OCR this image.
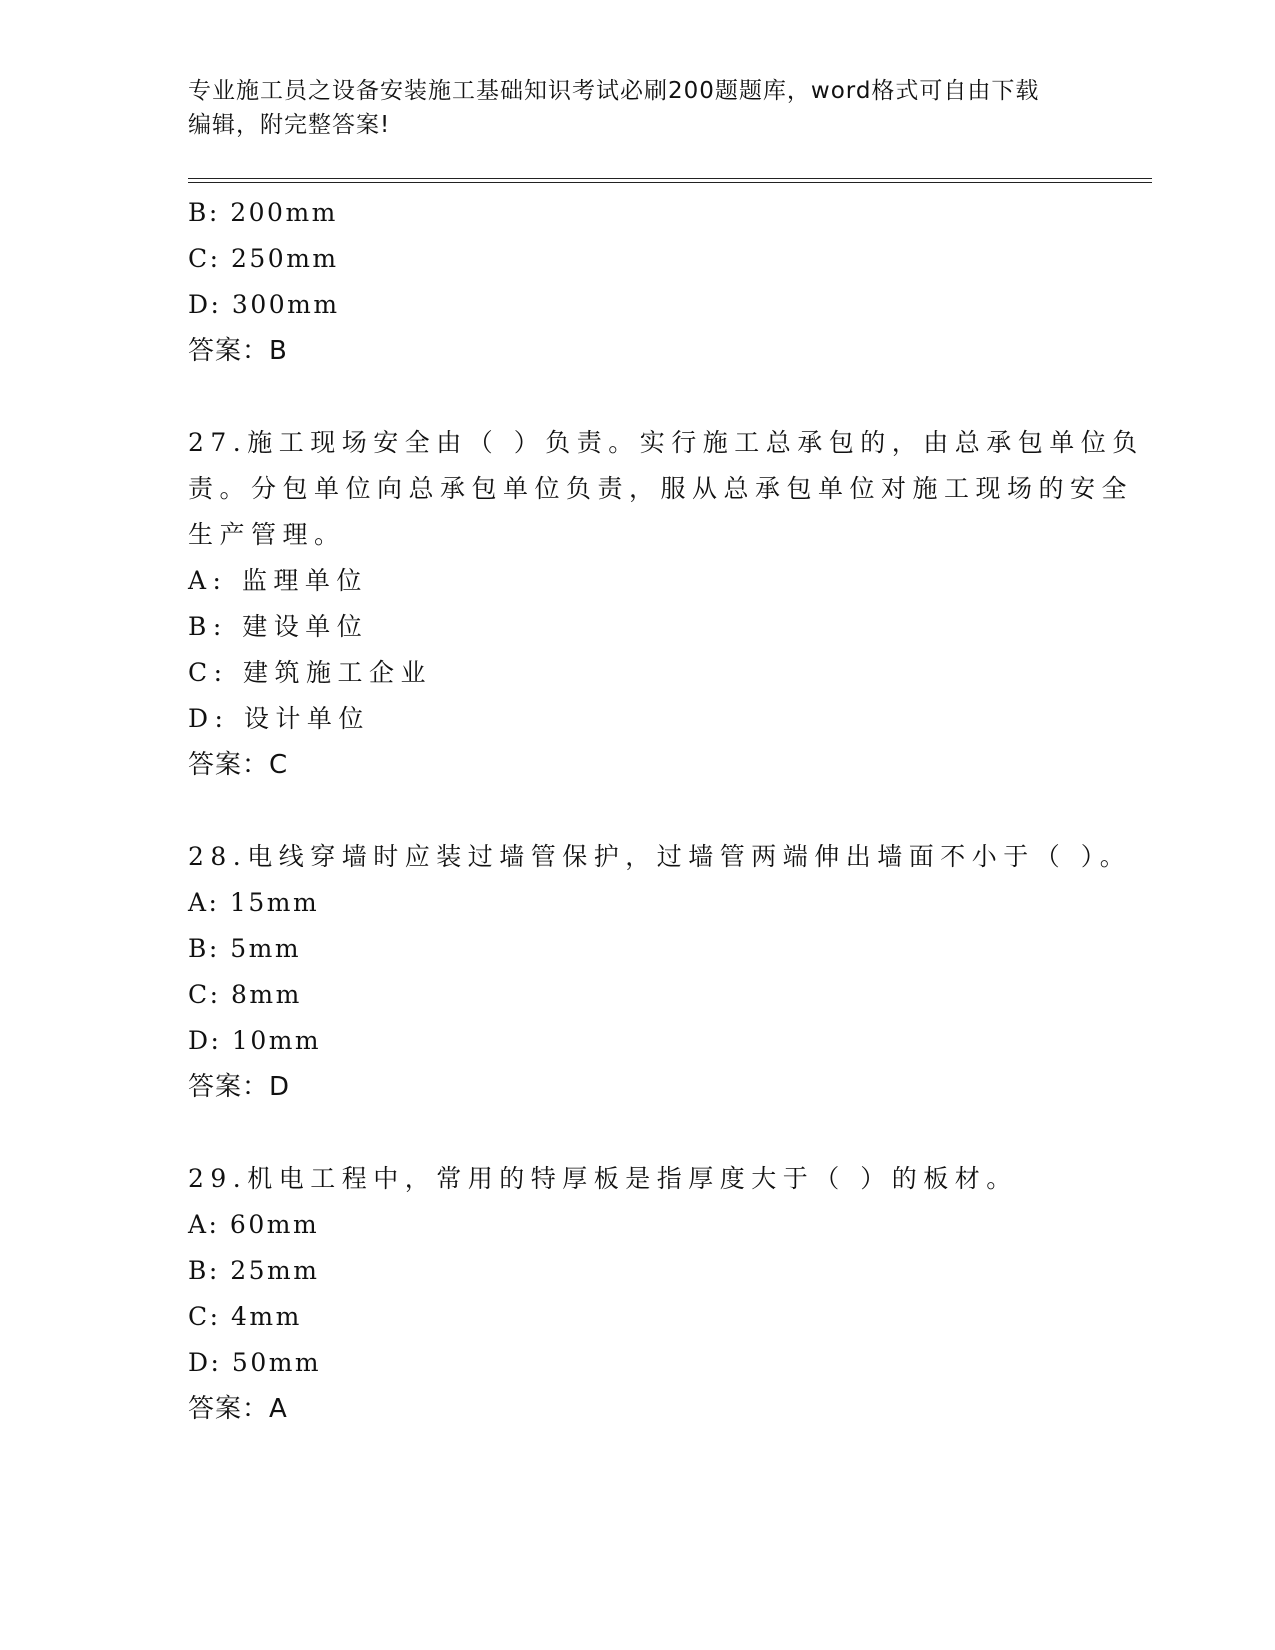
专业施工员之设备安装施工基础知识考试必刷200题题库，word格式可自由下载
编辑，附完整答案!
B: 200mm
C: 250mm
D: 300mm
答案：B
27.施工现场安全由（ ）负责。实行施工总承包的，由总承包单位负
责。分包单位向总承包单位负责，服从总承包单位对施工现场的安全
生产管理。
A: 监理单位
B: 建设单位
C: 建筑施工企业
D: 设计单位
答案：C
28.电线穿墙时应装过墙管保护，过墙管两端伸出墙面不小于（ ）。
A: 15mm
B: 5mm
C: 8mm
D: 10mm
答案：D
29.机电工程中，常用的特厚板是指厚度大于（ ）的板材。
A: 60mm
B: 25mm
C: 4mm
D: 50mm
答案：A
